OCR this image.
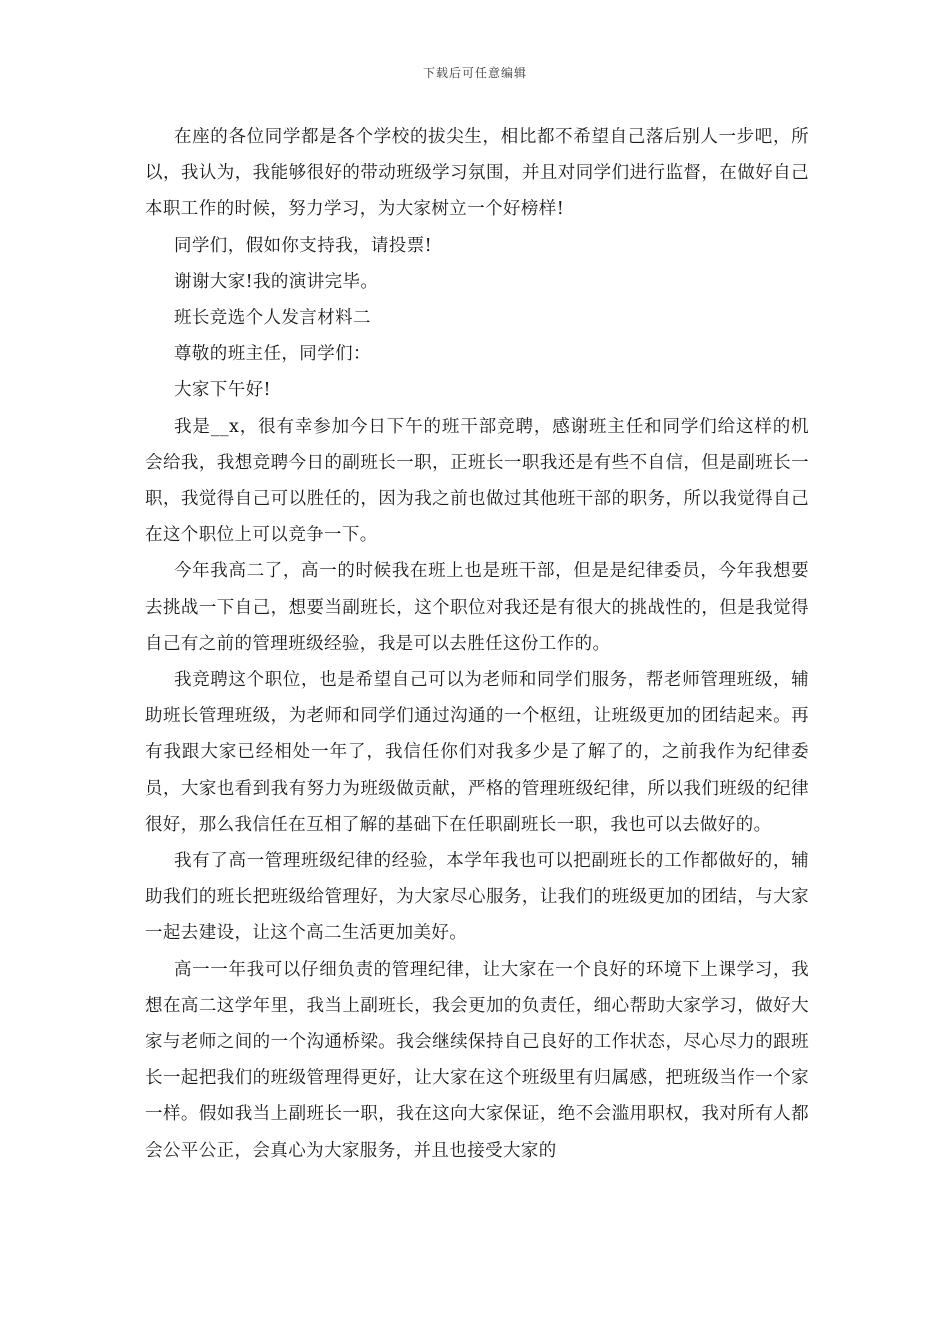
下载后可任意编辑

在座的各位同学都是各个学校的拔尖生，相比都不希望自己落后别人一步吧，所以，我认为，我能够很好的带动班级学习氛围，并且对同学们进行监督，在做好自己本职工作的时候，努力学习，为大家树立一个好榜样!

同学们，假如你支持我，请投票!

谢谢大家!我的演讲完毕。

班长竞选个人发言材料二

尊敬的班主任，同学们：

大家下午好!

我是__x，很有幸参加今日下午的班干部竞聘，感谢班主任和同学们给这样的机会给我，我想竞聘今日的副班长一职，正班长一职我还是有些不自信，但是副班长一职，我觉得自己可以胜任的，因为我之前也做过其他班干部的职务，所以我觉得自己在这个职位上可以竞争一下。

今年我高二了，高一的时候我在班上也是班干部，但是是纪律委员，今年我想要去挑战一下自己，想要当副班长，这个职位对我还是有很大的挑战性的，但是我觉得自己有之前的管理班级经验，我是可以去胜任这份工作的。

我竞聘这个职位，也是希望自己可以为老师和同学们服务，帮老师管理班级，辅助班长管理班级，为老师和同学们通过沟通的一个枢纽，让班级更加的团结起来。再有我跟大家已经相处一年了，我信任你们对我多少是了解了的，之前我作为纪律委员，大家也看到我有努力为班级做贡献，严格的管理班级纪律，所以我们班级的纪律很好，那么我信任在互相了解的基础下在任职副班长一职，我也可以去做好的。

我有了高一管理班级纪律的经验，本学年我也可以把副班长的工作都做好的，辅助我们的班长把班级给管理好，为大家尽心服务，让我们的班级更加的团结，与大家一起去建设，让这个高二生活更加美好。

高一一年我可以仔细负责的管理纪律，让大家在一个良好的环境下上课学习，我想在高二这学年里，我当上副班长，我会更加的负责任，细心帮助大家学习，做好大家与老师之间的一个沟通桥梁。我会继续保持自己良好的工作状态，尽心尽力的跟班长一起把我们的班级管理得更好，让大家在这个班级里有归属感，把班级当作一个家一样。假如我当上副班长一职，我在这向大家保证，绝不会滥用职权，我对所有人都会公平公正，会真心为大家服务，并且也接受大家的
